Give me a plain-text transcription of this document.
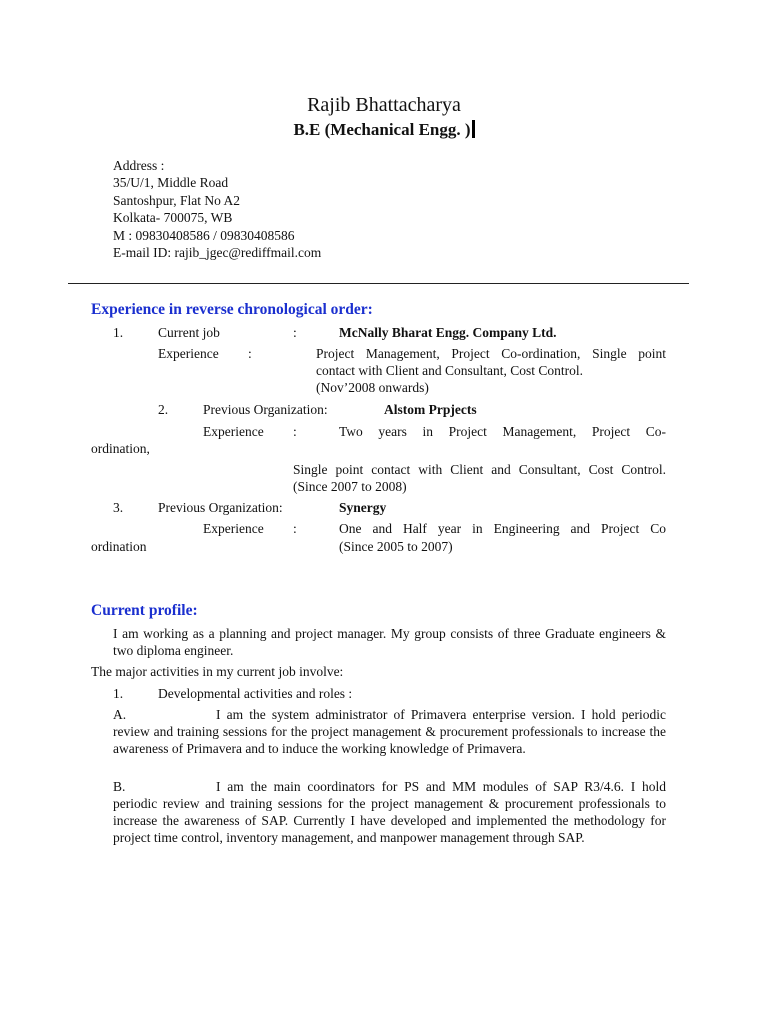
Rajib Bhattacharya
B.E (Mechanical Engg. )
Address :
35/U/1, Middle Road
Santoshpur, Flat No A2
Kolkata- 700075, WB
M : 09830408586 / 09830408586
E-mail ID: rajib_jgec@rediffmail.com
Experience in reverse chronological order:
1.	Current job	:	McNally Bharat Engg. Company Ltd.
Experience :	Project Management, Project Co-ordination, Single point contact with Client and Consultant, Cost Control.

(Nov’2008 onwards)

2.	Previous Organization:	Alstom Prpjects
Experience :	Two years in Project Management, Project Co-

ordination,

Single point contact with Client and Consultant, Cost Control. (Since 2007 to 2008)

3.	Previous Organization:	Synergy
Experience :	One and Half year in Engineering and Project Co

ordination	(Since 2005 to 2007)
Current profile:

I am working as a planning and project manager. My group consists of three Graduate engineers & two diploma engineer.

The major activities in my current job involve:
1.	Developmental activities and roles :
A.	I am the system administrator of Primavera enterprise version. I hold periodic review and training sessions for the project management & procurement professionals to increase the awareness of Primavera and to induce the working knowledge of Primavera.

B.	I am the main coordinators for PS and MM modules of SAP R3/4.6. I hold periodic review and training sessions for the project management & procurement professionals to increase the awareness of SAP. Currently I have developed and implemented the methodology for project time control, inventory management, and manpower management through SAP.
